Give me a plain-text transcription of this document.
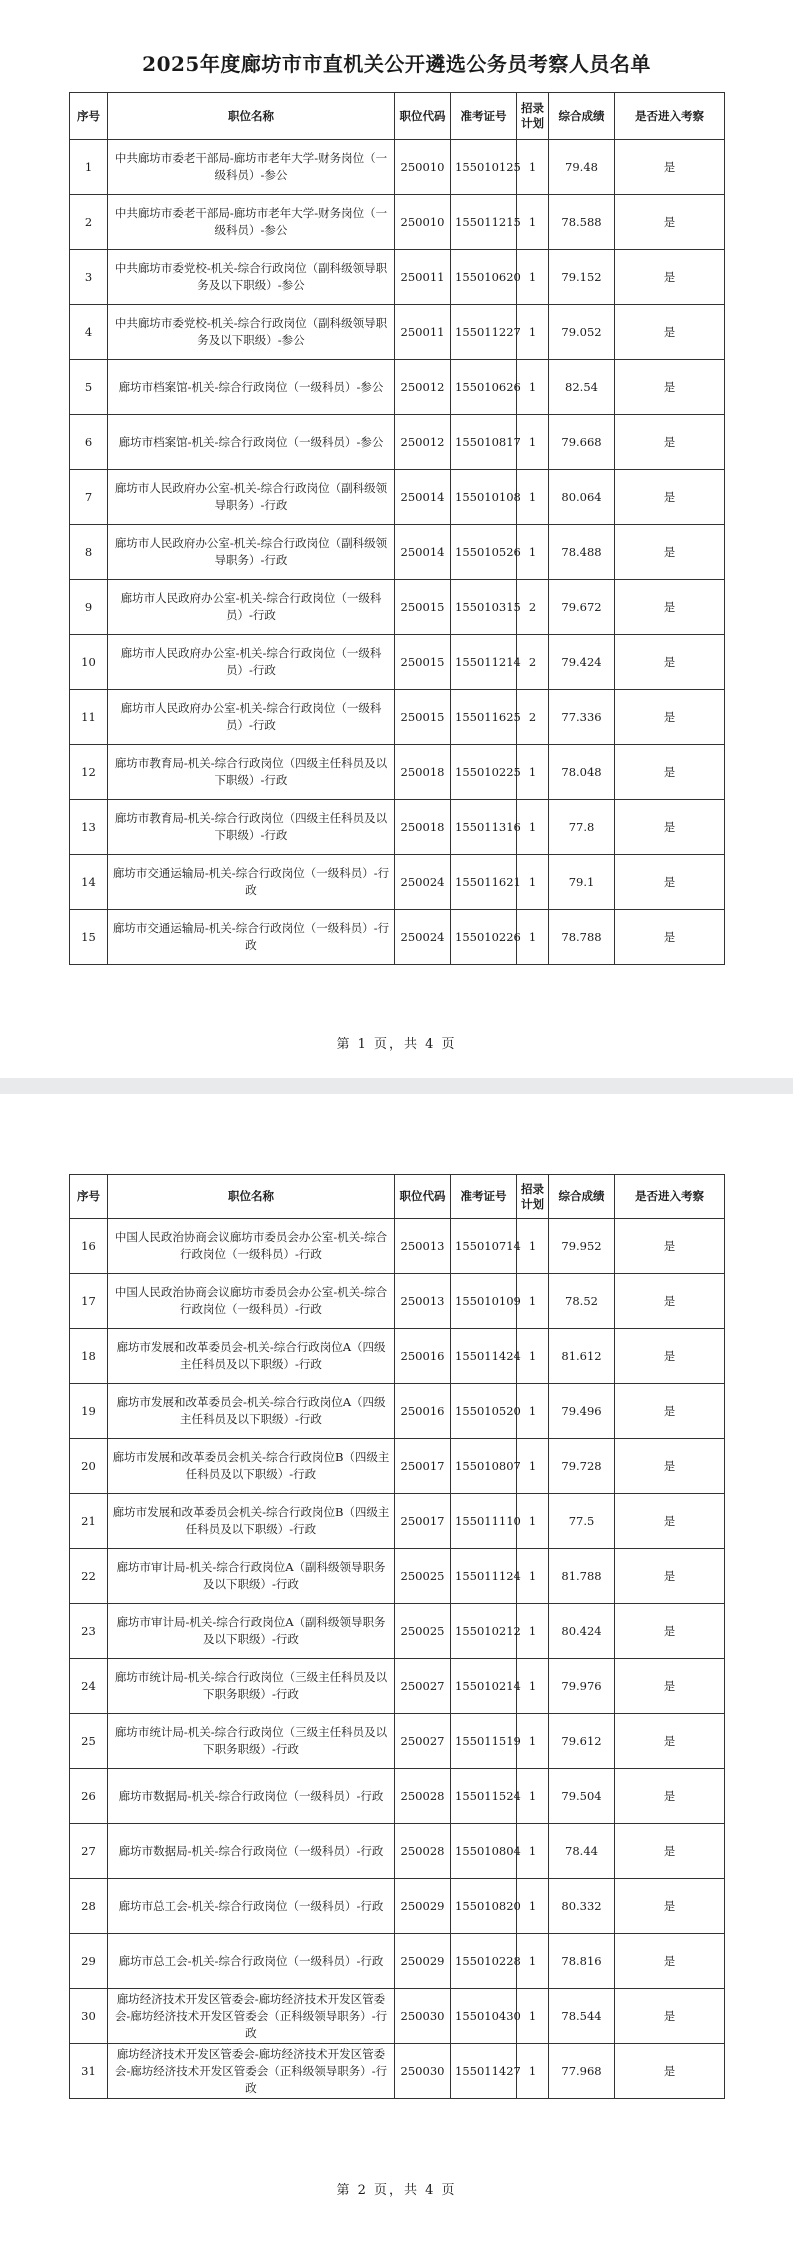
2025年度廊坊市市直机关公开遴选公务员考察人员名单
序号	职位名称	职位代码	准考证号	招录计划	综合成绩	是否进入考察
1	中共廊坊市委老干部局-廊坊市老年大学-财务岗位（一级科员）-参公	250010	155010125	1	79.48	是
2	中共廊坊市委老干部局-廊坊市老年大学-财务岗位（一级科员）-参公	250010	155011215	1	78.588	是
3	中共廊坊市委党校-机关-综合行政岗位（副科级领导职务及以下职级）-参公	250011	155010620	1	79.152	是
4	中共廊坊市委党校-机关-综合行政岗位（副科级领导职务及以下职级）-参公	250011	155011227	1	79.052	是
5	廊坊市档案馆-机关-综合行政岗位（一级科员）-参公	250012	155010626	1	82.54	是
6	廊坊市档案馆-机关-综合行政岗位（一级科员）-参公	250012	155010817	1	79.668	是
7	廊坊市人民政府办公室-机关-综合行政岗位（副科级领导职务）-行政	250014	155010108	1	80.064	是
8	廊坊市人民政府办公室-机关-综合行政岗位（副科级领导职务）-行政	250014	155010526	1	78.488	是
9	廊坊市人民政府办公室-机关-综合行政岗位（一级科员）-行政	250015	155010315	2	79.672	是
10	廊坊市人民政府办公室-机关-综合行政岗位（一级科员）-行政	250015	155011214	2	79.424	是
11	廊坊市人民政府办公室-机关-综合行政岗位（一级科员）-行政	250015	155011625	2	77.336	是
12	廊坊市教育局-机关-综合行政岗位（四级主任科员及以下职级）-行政	250018	155010225	1	78.048	是
13	廊坊市教育局-机关-综合行政岗位（四级主任科员及以下职级）-行政	250018	155011316	1	77.8	是
14	廊坊市交通运输局-机关-综合行政岗位（一级科员）-行政	250024	155011621	1	79.1	是
15	廊坊市交通运输局-机关-综合行政岗位（一级科员）-行政	250024	155010226	1	78.788	是
第 1 页，共 4 页
序号	职位名称	职位代码	准考证号	招录计划	综合成绩	是否进入考察
16	中国人民政治协商会议廊坊市委员会办公室-机关-综合行政岗位（一级科员）-行政	250013	155010714	1	79.952	是
17	中国人民政治协商会议廊坊市委员会办公室-机关-综合行政岗位（一级科员）-行政	250013	155010109	1	78.52	是
18	廊坊市发展和改革委员会-机关-综合行政岗位A（四级主任科员及以下职级）-行政	250016	155011424	1	81.612	是
19	廊坊市发展和改革委员会-机关-综合行政岗位A（四级主任科员及以下职级）-行政	250016	155010520	1	79.496	是
20	廊坊市发展和改革委员会机关-综合行政岗位B（四级主任科员及以下职级）-行政	250017	155010807	1	79.728	是
21	廊坊市发展和改革委员会机关-综合行政岗位B（四级主任科员及以下职级）-行政	250017	155011110	1	77.5	是
22	廊坊市审计局-机关-综合行政岗位A（副科级领导职务及以下职级）-行政	250025	155011124	1	81.788	是
23	廊坊市审计局-机关-综合行政岗位A（副科级领导职务及以下职级）-行政	250025	155010212	1	80.424	是
24	廊坊市统计局-机关-综合行政岗位（三级主任科员及以下职务职级）-行政	250027	155010214	1	79.976	是
25	廊坊市统计局-机关-综合行政岗位（三级主任科员及以下职务职级）-行政	250027	155011519	1	79.612	是
26	廊坊市数据局-机关-综合行政岗位（一级科员）-行政	250028	155011524	1	79.504	是
27	廊坊市数据局-机关-综合行政岗位（一级科员）-行政	250028	155010804	1	78.44	是
28	廊坊市总工会-机关-综合行政岗位（一级科员）-行政	250029	155010820	1	80.332	是
29	廊坊市总工会-机关-综合行政岗位（一级科员）-行政	250029	155010228	1	78.816	是
30	廊坊经济技术开发区管委会-廊坊经济技术开发区管委会-廊坊经济技术开发区管委会（正科级领导职务）-行政	250030	155010430	1	78.544	是
31	廊坊经济技术开发区管委会-廊坊经济技术开发区管委会-廊坊经济技术开发区管委会（正科级领导职务）-行政	250030	155011427	1	77.968	是
第 2 页，共 4 页
